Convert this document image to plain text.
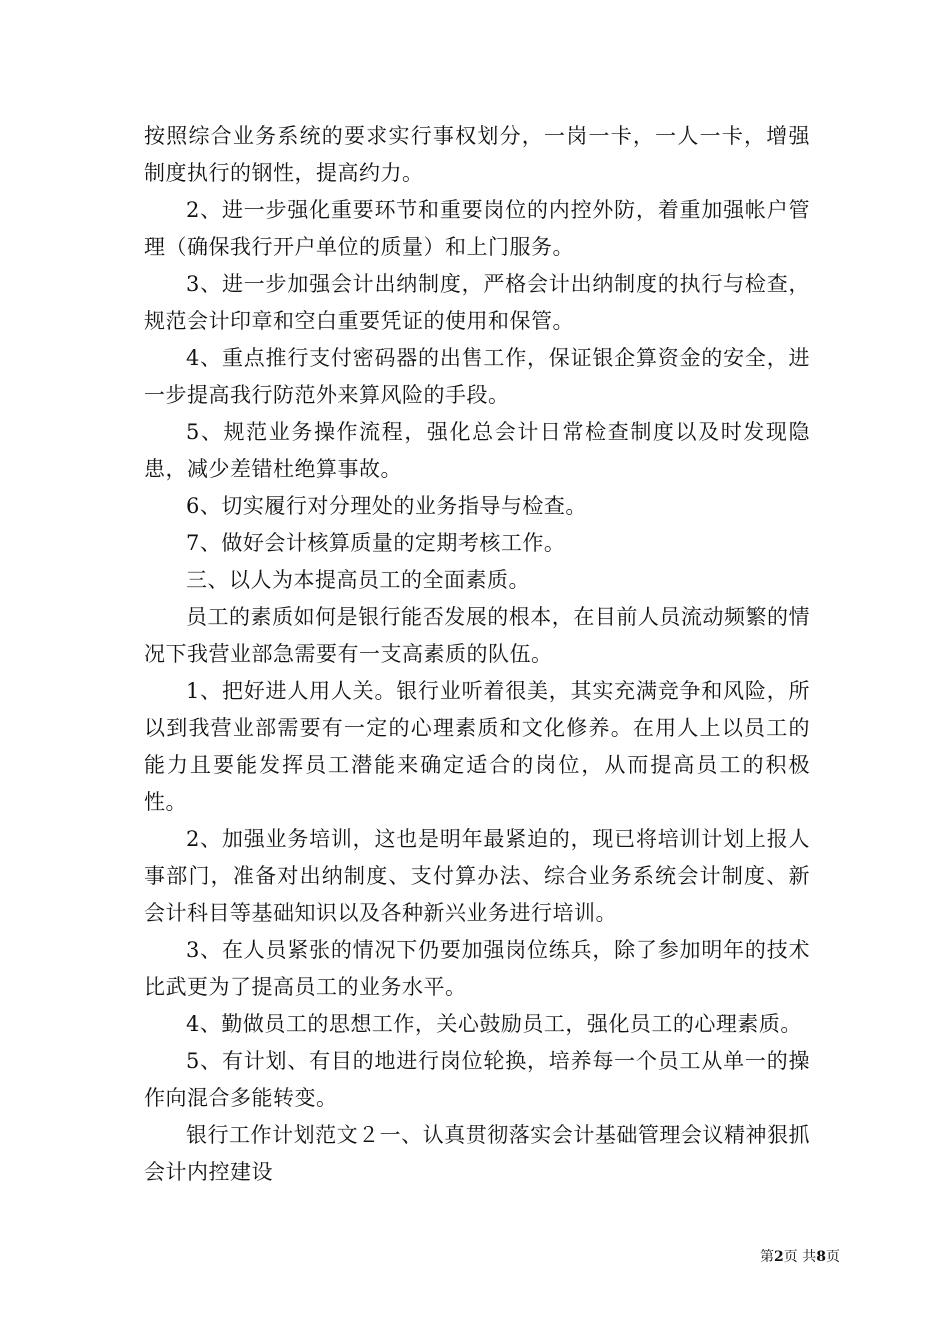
按照综合业务系统的要求实行事权划分，一岗一卡，一人一卡，增强制度执行的钢性，提高约力。

2、进一步强化重要环节和重要岗位的内控外防，着重加强帐户管理（确保我行开户单位的质量）和上门服务。

3、进一步加强会计出纳制度，严格会计出纳制度的执行与检查，规范会计印章和空白重要凭证的使用和保管。

4、重点推行支付密码器的出售工作，保证银企算资金的安全，进一步提高我行防范外来算风险的手段。

5、规范业务操作流程，强化总会计日常检查制度以及时发现隐患，减少差错杜绝算事故。

6、切实履行对分理处的业务指导与检查。

7、做好会计核算质量的定期考核工作。

三、以人为本提高员工的全面素质。

员工的素质如何是银行能否发展的根本，在目前人员流动频繁的情况下我营业部急需要有一支高素质的队伍。

1、把好进人用人关。银行业听着很美，其实充满竞争和风险，所以到我营业部需要有一定的心理素质和文化修养。在用人上以员工的能力且要能发挥员工潜能来确定适合的岗位，从而提高员工的积极性。

2、加强业务培训，这也是明年最紧迫的，现已将培训计划上报人事部门，准备对出纳制度、支付算办法、综合业务系统会计制度、新会计科目等基础知识以及各种新兴业务进行培训。

3、在人员紧张的情况下仍要加强岗位练兵，除了参加明年的技术比武更为了提高员工的业务水平。

4、勤做员工的思想工作，关心鼓励员工，强化员工的心理素质。

5、有计划、有目的地进行岗位轮换，培养每一个员工从单一的操作向混合多能转变。

银行工作计划范文２一、认真贯彻落实会计基础管理会议精神狠抓会计内控建设

第2页 共8页
